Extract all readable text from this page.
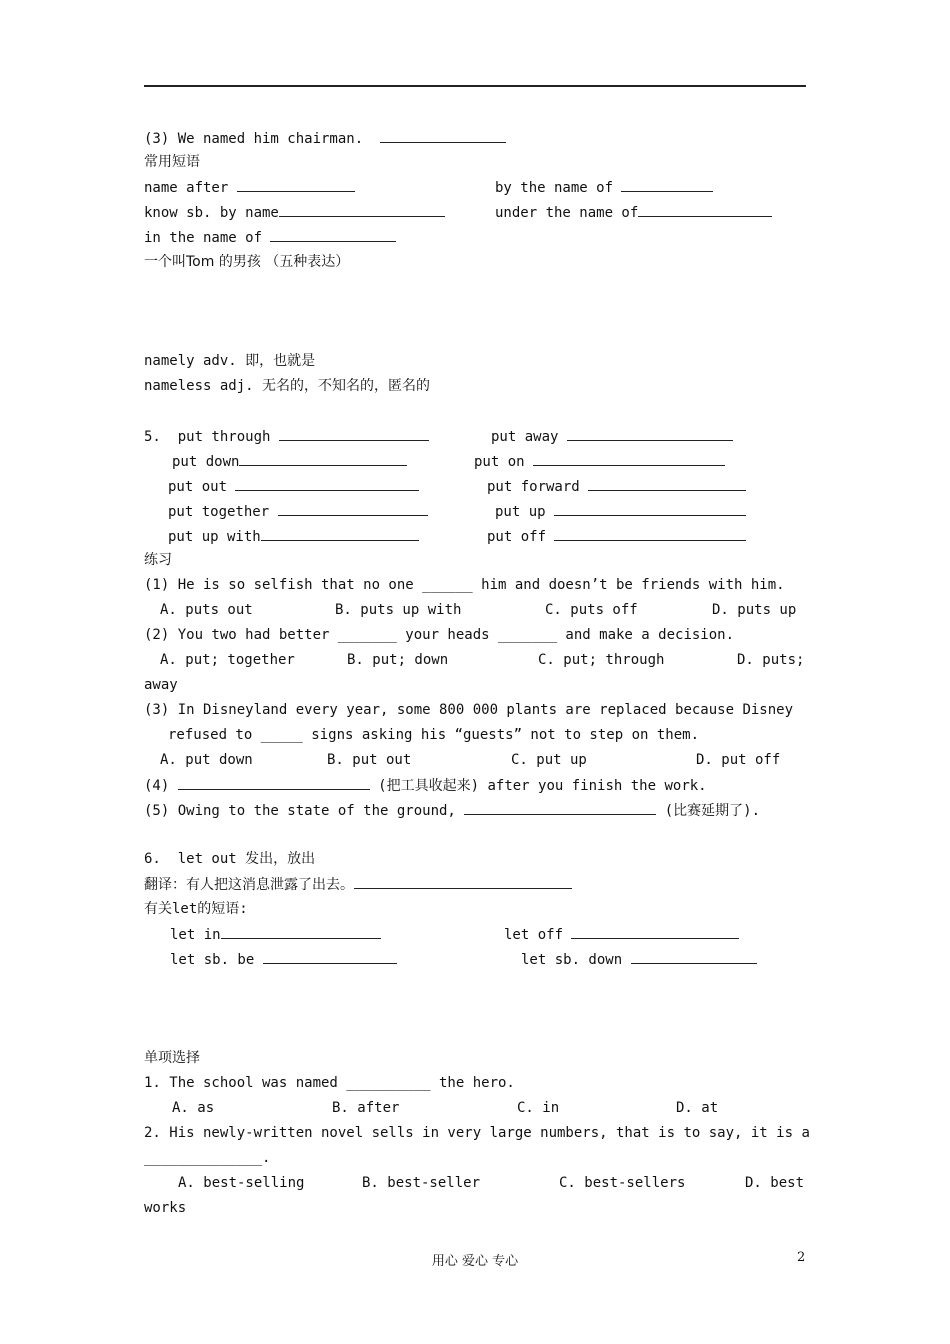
(3) We named him chairman.
常用短语
name after	by the name of
know sb. by name	under the name of
in the name of
一个叫Tom 的男孩 （五种表达）
namely adv. 即，也就是
nameless adj. 无名的，不知名的，匿名的
5.  put through	put away
put down	put on
put out	put forward
put together	put up
put up with	put off
练习
(1) He is so selfish that no one ______ him and doesn’t be friends with him.
A. puts out	B. puts up with	C. puts off	D. puts up
(2) You two had better _______ your heads _______ and make a decision.
A. put; together	B. put; down	C. put; through	D. puts;
away
(3) In Disneyland every year, some 800 000 plants are replaced because Disney
refused to _____ signs asking his “guests” not to step on them.
A. put down	B. put out	C. put up	D. put off
(4)	(把工具收起来) after you finish the work.
(5) Owing to the state of the ground,	(比赛延期了).
6.  let out 发出，放出
翻译：有人把这消息泄露了出去。
有关let的短语:
let in	let off
let sb. be	let sb. down
单项选择
1. The school was named __________ the hero.
A. as	B. after	C. in	D. at
2. His newly-written novel sells in very large numbers, that is to say, it is a
______________.
A. best-selling	B. best-seller	C. best-sellers	D. best
works
用心 爱心 专心	2
